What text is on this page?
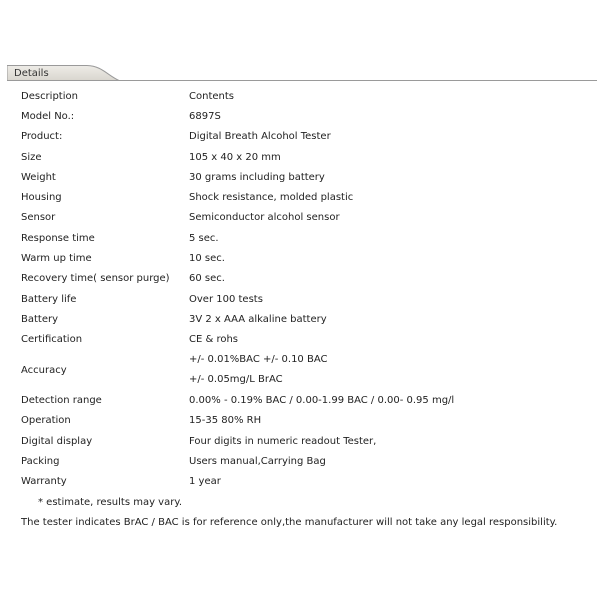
Details
Description	Contents
Model No.:	6897S
Product:	Digital Breath Alcohol Tester
Size	105 x 40 x 20 mm
Weight	30 grams including battery
Housing	Shock resistance, molded plastic
Sensor	Semiconductor alcohol sensor
Response time	5 sec.
Warm up time	10 sec.
Recovery time( sensor purge)	60 sec.
Battery life	Over 100 tests
Battery	3V 2 x AAA alkaline battery
Certification	CE & rohs
Accuracy
+/- 0.01%BAC +/- 0.10 BAC
+/- 0.05mg/L BrAC
Detection range	0.00% - 0.19% BAC / 0.00-1.99 BAC / 0.00- 0.95 mg/l
Operation	15-35 80% RH
Digital display	Four digits in numeric readout Tester,
Packing	Users manual,Carrying Bag
Warranty	1 year
* estimate, results may vary.
The tester indicates BrAC / BAC is for reference only,the manufacturer will not take any legal responsibility.
